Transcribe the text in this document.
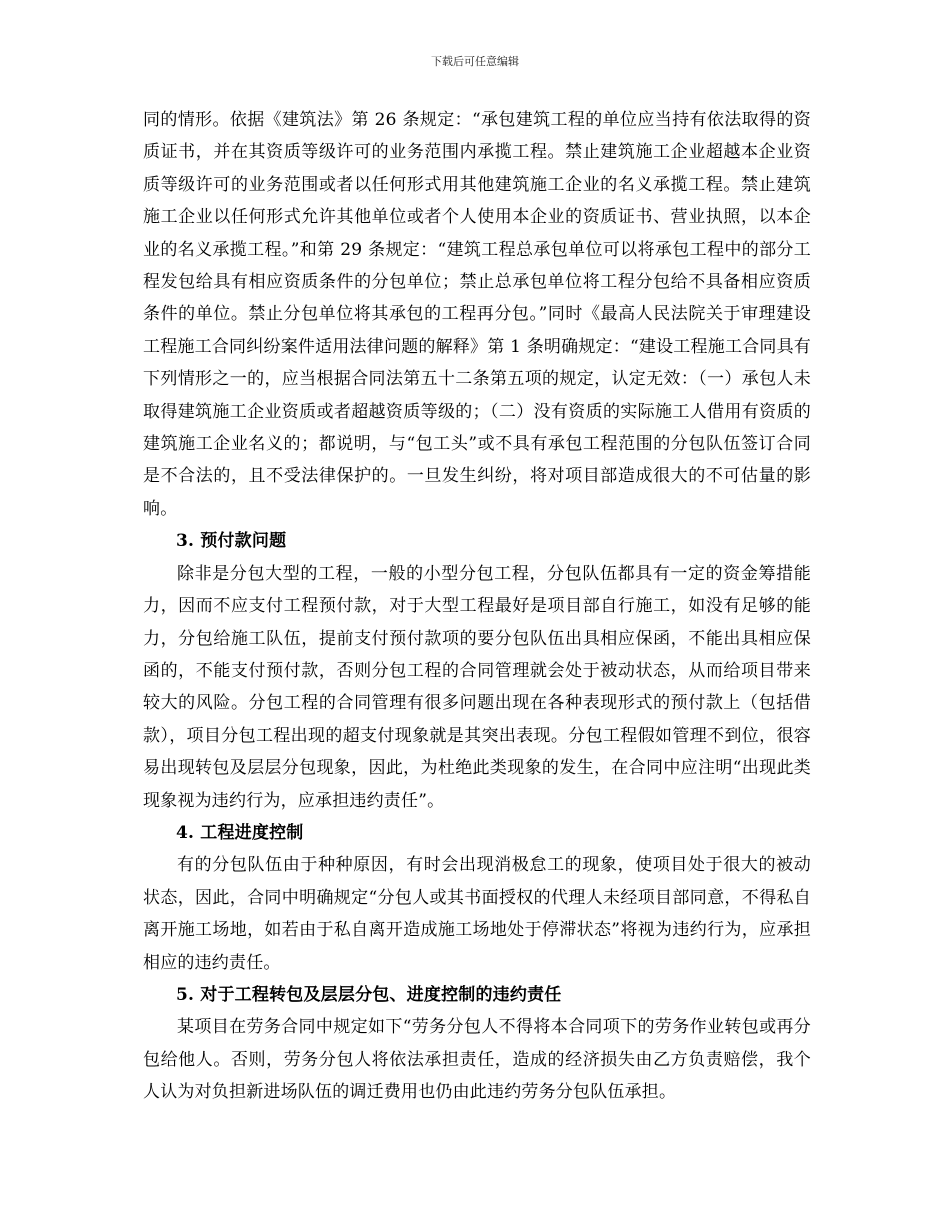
下载后可任意编辑

同的情形。依据《建筑法》第 26 条规定：“承包建筑工程的单位应当持有依法取得的资质证书，并在其资质等级许可的业务范围内承揽工程。禁止建筑施工企业超越本企业资质等级许可的业务范围或者以任何形式用其他建筑施工企业的名义承揽工程。禁止建筑施工企业以任何形式允许其他单位或者个人使用本企业的资质证书、营业执照，以本企业的名义承揽工程。”和第 29 条规定：“建筑工程总承包单位可以将承包工程中的部分工程发包给具有相应资质条件的分包单位；禁止总承包单位将工程分包给不具备相应资质条件的单位。禁止分包单位将其承包的工程再分包。”同时《最高人民法院关于审理建设工程施工合同纠纷案件适用法律问题的解释》第 1 条明确规定：“建设工程施工合同具有下列情形之一的，应当根据合同法第五十二条第五项的规定，认定无效：（一）承包人未取得建筑施工企业资质或者超越资质等级的；（二）没有资质的实际施工人借用有资质的建筑施工企业名义的；都说明，与“包工头”或不具有承包工程范围的分包队伍签订合同是不合法的，且不受法律保护的。一旦发生纠纷，将对项目部造成很大的不可估量的影响。

3. 预付款问题

除非是分包大型的工程，一般的小型分包工程，分包队伍都具有一定的资金筹措能力，因而不应支付工程预付款，对于大型工程最好是项目部自行施工，如没有足够的能力，分包给施工队伍，提前支付预付款项的要分包队伍出具相应保函，不能出具相应保函的，不能支付预付款，否则分包工程的合同管理就会处于被动状态，从而给项目带来较大的风险。分包工程的合同管理有很多问题出现在各种表现形式的预付款上（包括借款），项目分包工程出现的超支付现象就是其突出表现。分包工程假如管理不到位，很容易出现转包及层层分包现象，因此，为杜绝此类现象的发生，在合同中应注明“出现此类现象视为违约行为，应承担违约责任”。

4. 工程进度控制

有的分包队伍由于种种原因，有时会出现消极怠工的现象，使项目处于很大的被动状态，因此，合同中明确规定“分包人或其书面授权的代理人未经项目部同意，不得私自离开施工场地，如若由于私自离开造成施工场地处于停滞状态”将视为违约行为，应承担相应的违约责任。

5. 对于工程转包及层层分包、进度控制的违约责任

某项目在劳务合同中规定如下“劳务分包人不得将本合同项下的劳务作业转包或再分包给他人。否则，劳务分包人将依法承担责任，造成的经济损失由乙方负责赔偿，我个人认为对负担新进场队伍的调迁费用也仍由此违约劳务分包队伍承担。
